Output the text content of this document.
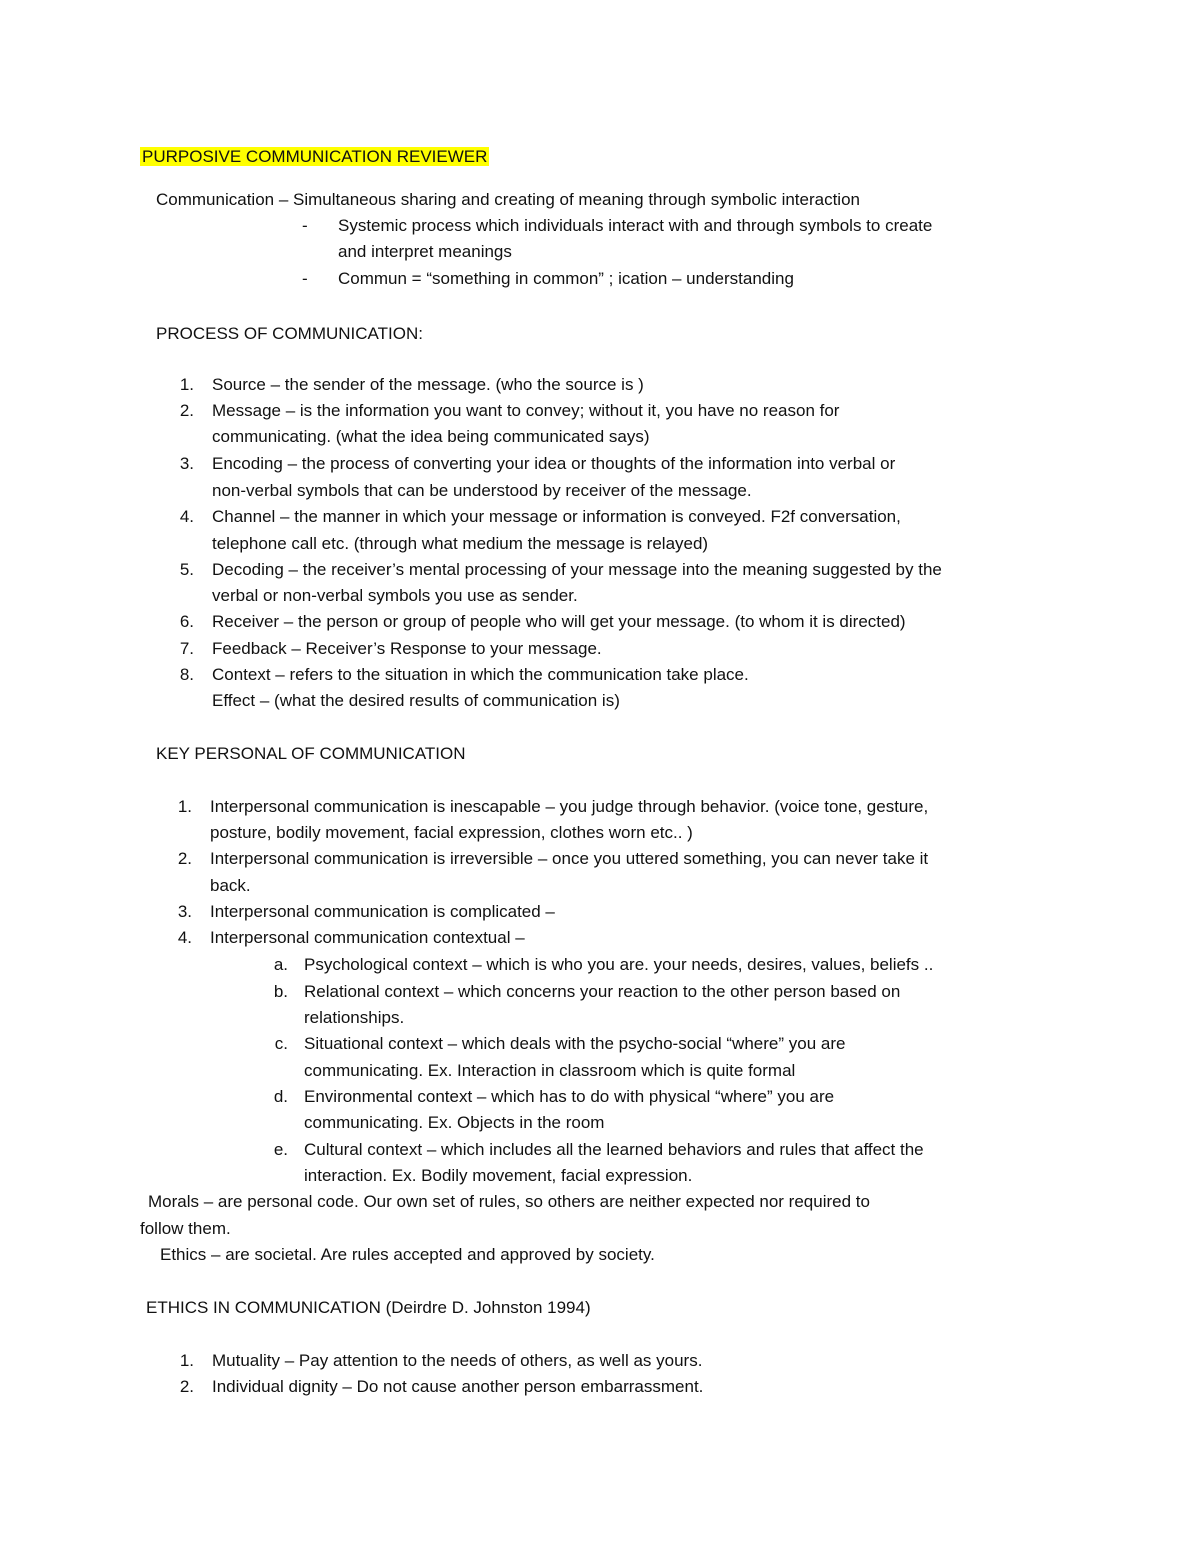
PURPOSIVE COMMUNICATION REVIEWER
Communication – Simultaneous sharing and creating of meaning through symbolic interaction
- Systemic process which individuals interact with and through symbols to create
and interpret meanings
- Commun = “something in common” ; ication – understanding
PROCESS OF COMMUNICATION:
1. Source – the sender of the message. (who the source is )
2. Message – is the information you want to convey; without it, you have no reason for
communicating. (what the idea being communicated says)
3. Encoding – the process of converting your idea or thoughts of the information into verbal or
non-verbal symbols that can be understood by receiver of the message.
4. Channel – the manner in which your message or information is conveyed. F2f conversation,
telephone call etc. (through what medium the message is relayed)
5. Decoding – the receiver’s mental processing of your message into the meaning suggested by the
verbal or non-verbal symbols you use as sender.
6. Receiver – the person or group of people who will get your message. (to whom it is directed)
7. Feedback – Receiver’s Response to your message.
8. Context – refers to the situation in which the communication take place.
Effect – (what the desired results of communication is)
KEY PERSONAL OF COMMUNICATION
1. Interpersonal communication is inescapable – you judge through behavior. (voice tone, gesture,
posture, bodily movement, facial expression, clothes worn etc.. )
2. Interpersonal communication is irreversible – once you uttered something, you can never take it
back.
3. Interpersonal communication is complicated –
4. Interpersonal communication contextual –
a. Psychological context – which is who you are. your needs, desires, values, beliefs ..
b. Relational context – which concerns your reaction to the other person based on
relationships.
c. Situational context – which deals with the psycho-social “where” you are
communicating. Ex. Interaction in classroom which is quite formal
d. Environmental context – which has to do with physical “where” you are
communicating. Ex. Objects in the room
e. Cultural context – which includes all the learned behaviors and rules that affect the
interaction. Ex. Bodily movement, facial expression.
Morals – are personal code. Our own set of rules, so others are neither expected nor required to
follow them.
Ethics – are societal. Are rules accepted and approved by society.
ETHICS IN COMMUNICATION (Deirdre D. Johnston 1994)
1. Mutuality – Pay attention to the needs of others, as well as yours.
2. Individual dignity – Do not cause another person embarrassment.
